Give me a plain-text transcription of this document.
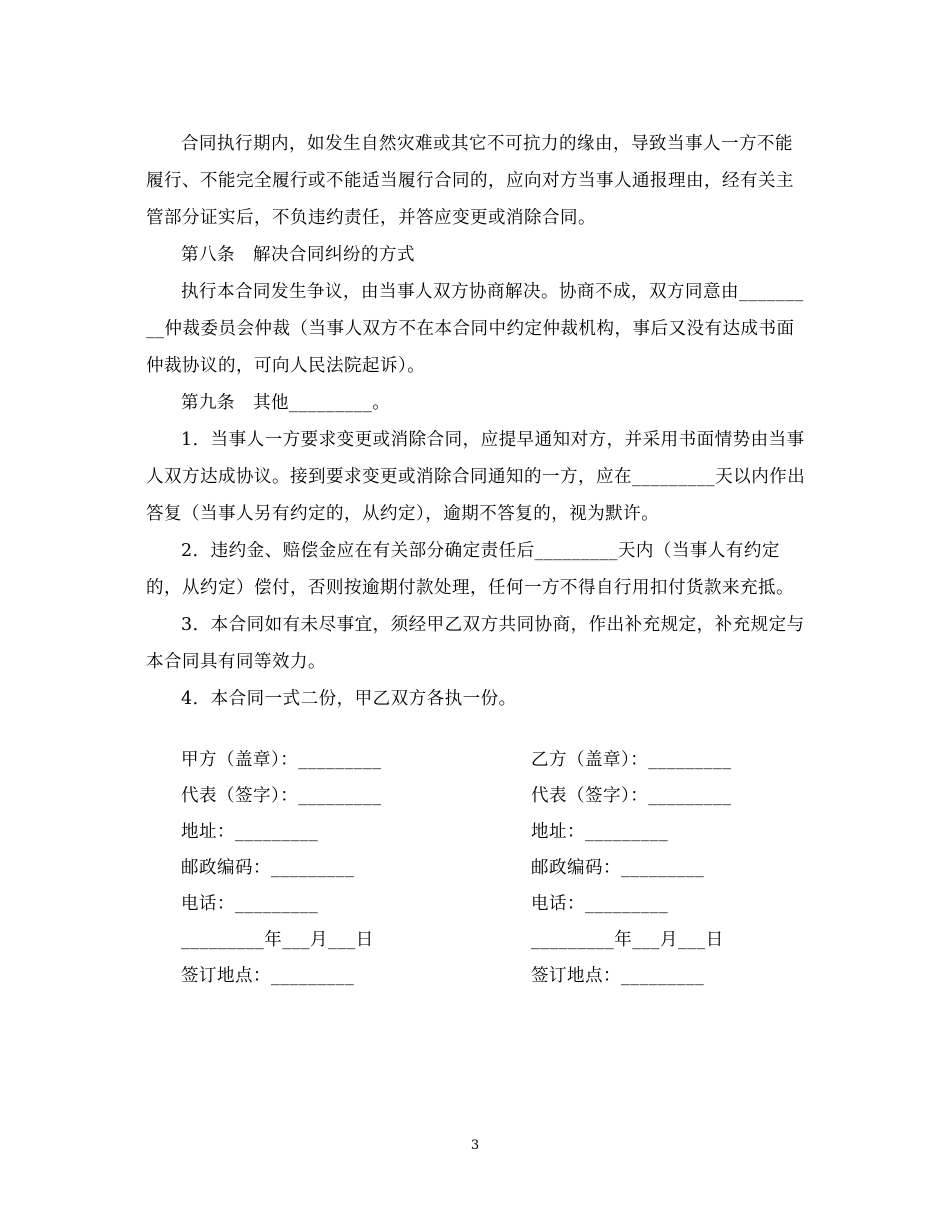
合同执行期内，如发生自然灾难或其它不可抗力的缘由，导致当事人一方不能履行、不能完全履行或不能适当履行合同的，应向对方当事人通报理由，经有关主管部分证实后，不负违约责任，并答应变更或消除合同。

第八条　解决合同纠纷的方式

执行本合同发生争议，由当事人双方协商解决。协商不成，双方同意由_________仲裁委员会仲裁（当事人双方不在本合同中约定仲裁机构，事后又没有达成书面仲裁协议的，可向人民法院起诉）。

第九条　其他_________。

1．当事人一方要求变更或消除合同，应提早通知对方，并采用书面情势由当事人双方达成协议。接到要求变更或消除合同通知的一方，应在_________天以内作出答复（当事人另有约定的，从约定），逾期不答复的，视为默许。

2．违约金、赔偿金应在有关部分确定责任后_________天内（当事人有约定的，从约定）偿付，否则按逾期付款处理，任何一方不得自行用扣付货款来充抵。

3．本合同如有未尽事宜，须经甲乙双方共同协商，作出补充规定，补充规定与本合同具有同等效力。

4．本合同一式二份，甲乙双方各执一份。

甲方（盖章）：_________	乙方（盖章）：_________
代表（签字）：_________	代表（签字）：_________
地址：_________	地址：_________
邮政编码：_________	邮政编码：_________
电话：_________	电话：_________
_________年___月___日	_________年___月___日
签订地点：_________	签订地点：_________
3
